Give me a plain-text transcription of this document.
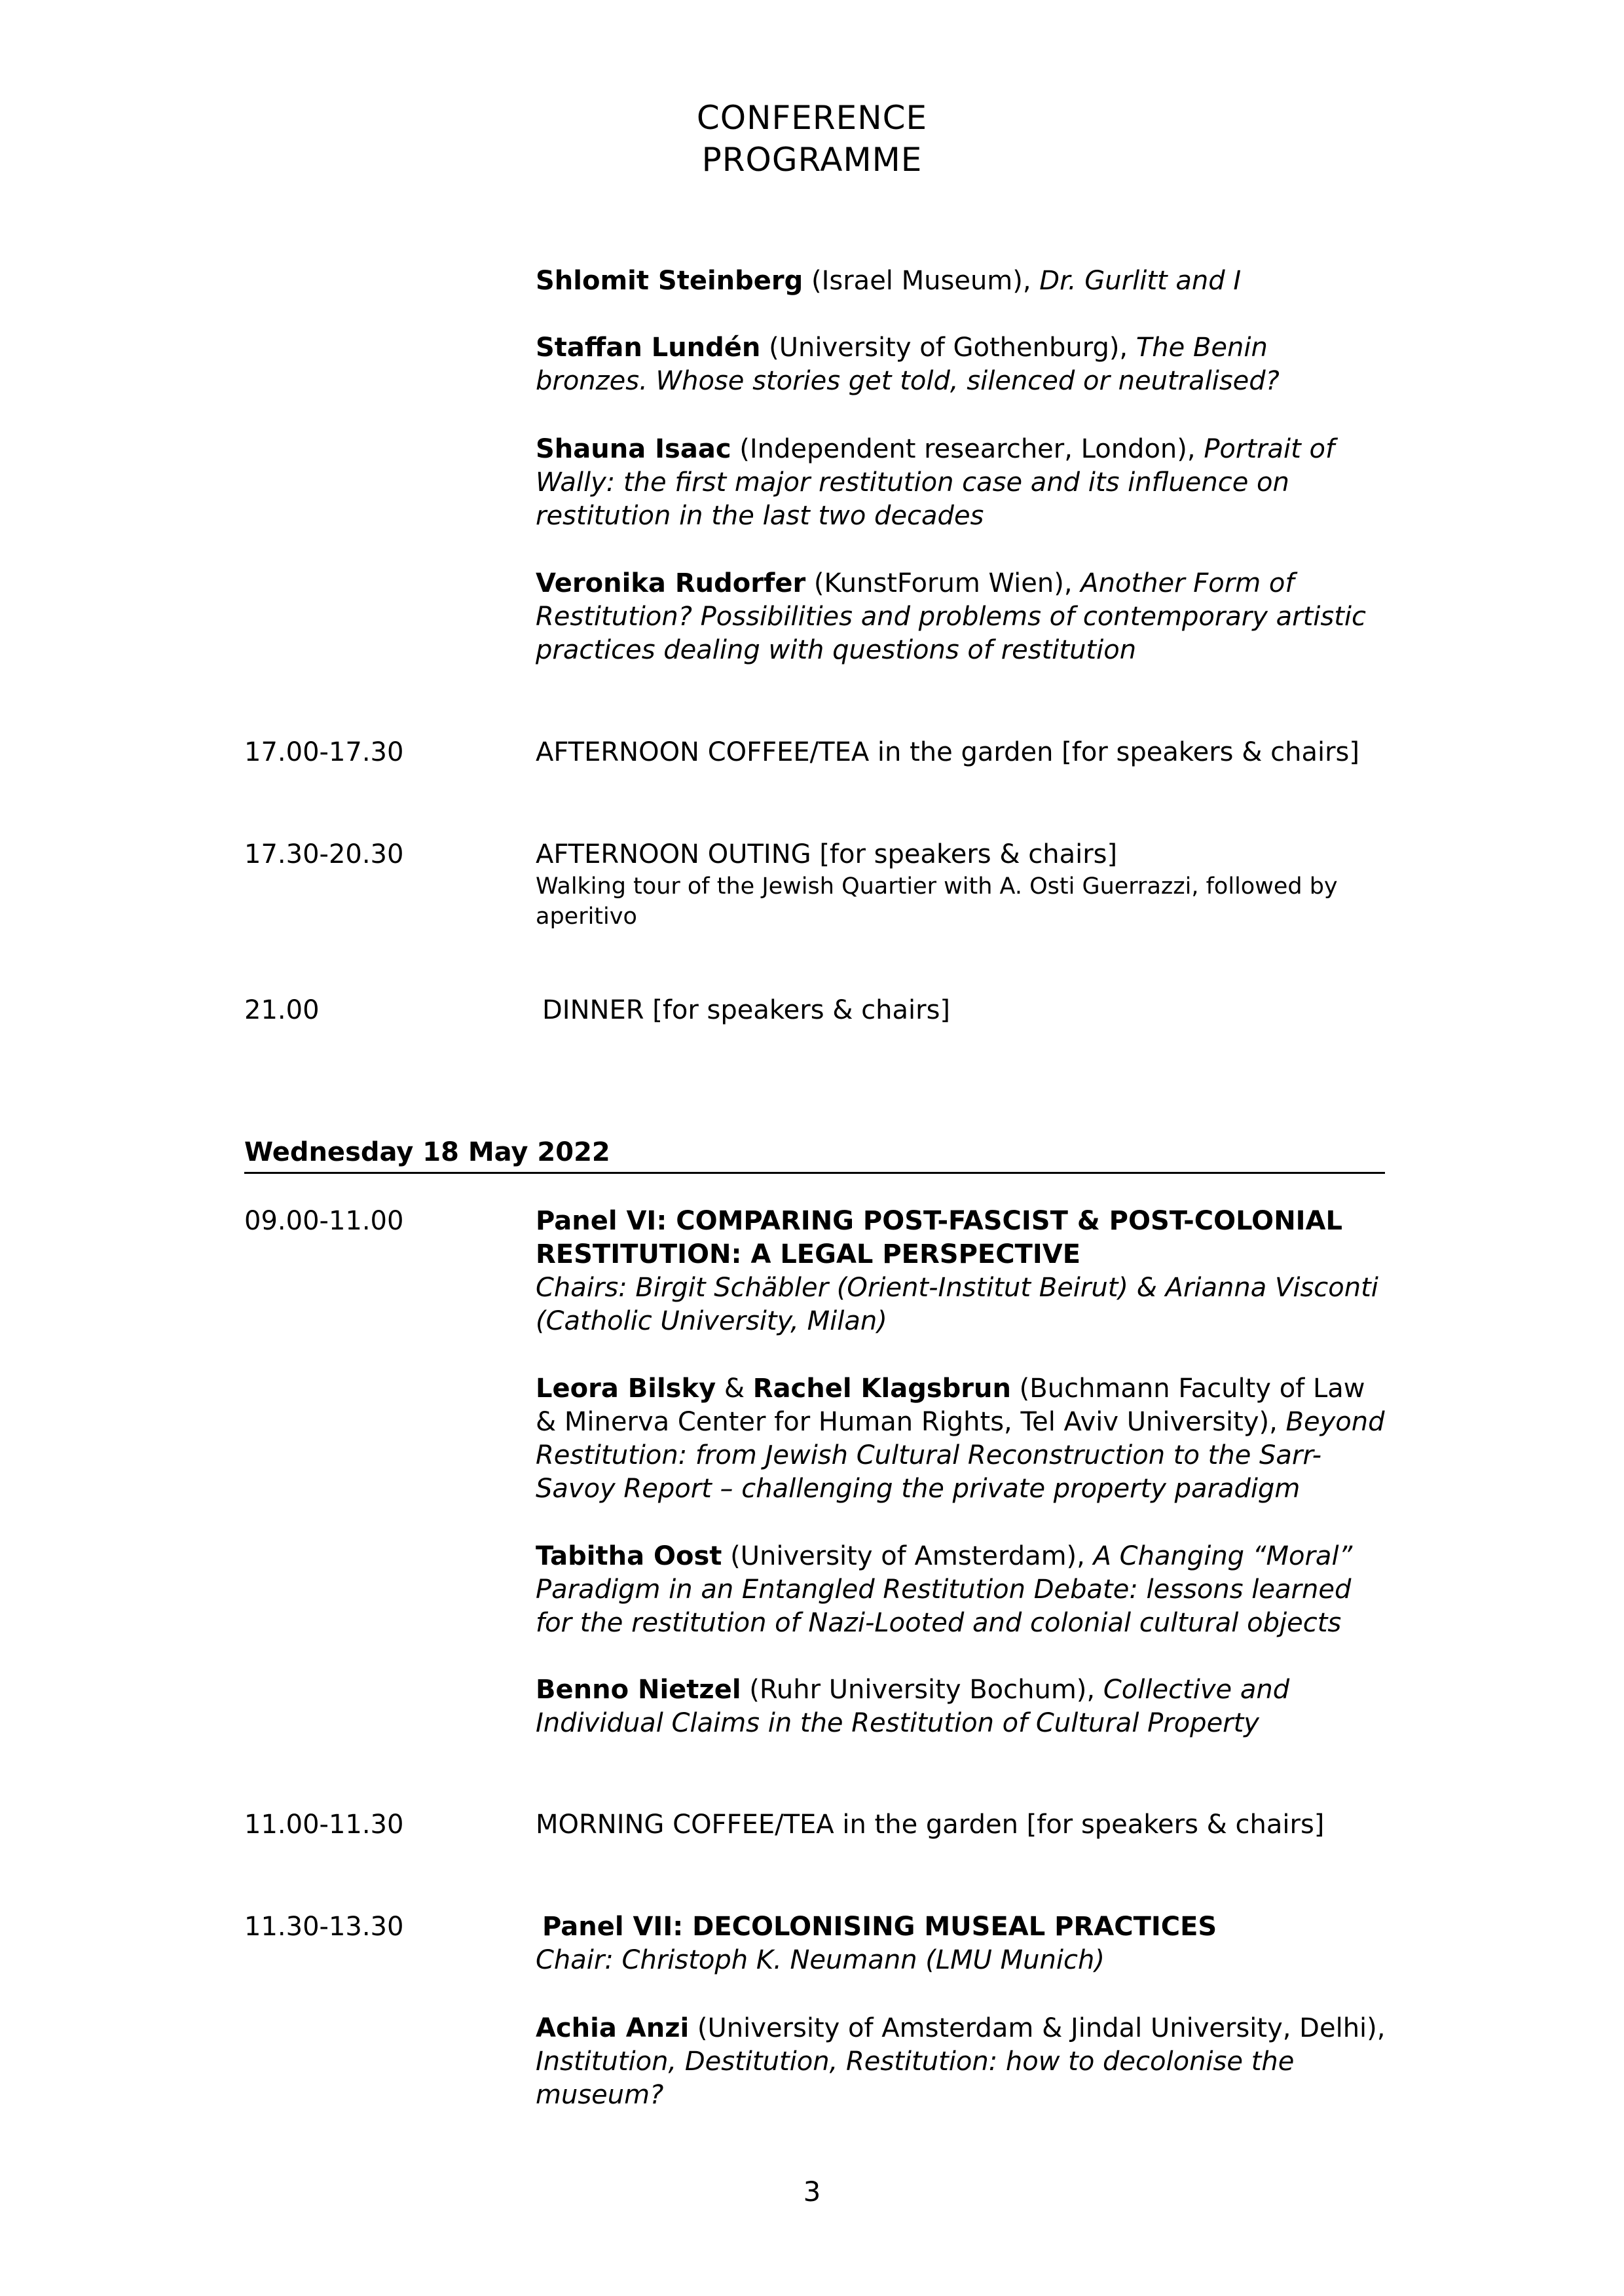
CONFERENCE
PROGRAMME
Shlomit Steinberg (Israel Museum), Dr. Gurlitt and I
Staffan Lundén (University of Gothenburg), The Benin bronzes. Whose stories get told, silenced or neutralised?
Shauna Isaac (Independent researcher, London), Portrait of Wally: the first major restitution case and its influence on restitution in the last two decades
Veronika Rudorfer (KunstForum Wien), Another Form of Restitution? Possibilities and problems of contemporary artistic practices dealing with questions of restitution
17.00-17.30	AFTERNOON COFFEE/TEA in the garden [for speakers & chairs]
17.30-20.30	AFTERNOON OUTING [for speakers & chairs]
Walking tour of the Jewish Quartier with A. Osti Guerrazzi, followed by aperitivo
21.00	DINNER [for speakers & chairs]
Wednesday 18 May 2022
09.00-11.00	Panel VI: COMPARING POST-FASCIST & POST-COLONIAL RESTITUTION: A LEGAL PERSPECTIVE
Chairs: Birgit Schäbler (Orient-Institut Beirut) & Arianna Visconti (Catholic University, Milan)
Leora Bilsky & Rachel Klagsbrun (Buchmann Faculty of Law & Minerva Center for Human Rights, Tel Aviv University), Beyond Restitution: from Jewish Cultural Reconstruction to the Sarr-Savoy Report – challenging the private property paradigm
Tabitha Oost (University of Amsterdam), A Changing “Moral” Paradigm in an Entangled Restitution Debate: lessons learned for the restitution of Nazi-Looted and colonial cultural objects
Benno Nietzel (Ruhr University Bochum), Collective and Individual Claims in the Restitution of Cultural Property
11.00-11.30	MORNING COFFEE/TEA in the garden [for speakers & chairs]
11.30-13.30	Panel VII: DECOLONISING MUSEAL PRACTICES
Chair: Christoph K. Neumann (LMU Munich)
Achia Anzi (University of Amsterdam & Jindal University, Delhi), Institution, Destitution, Restitution: how to decolonise the museum?
3
